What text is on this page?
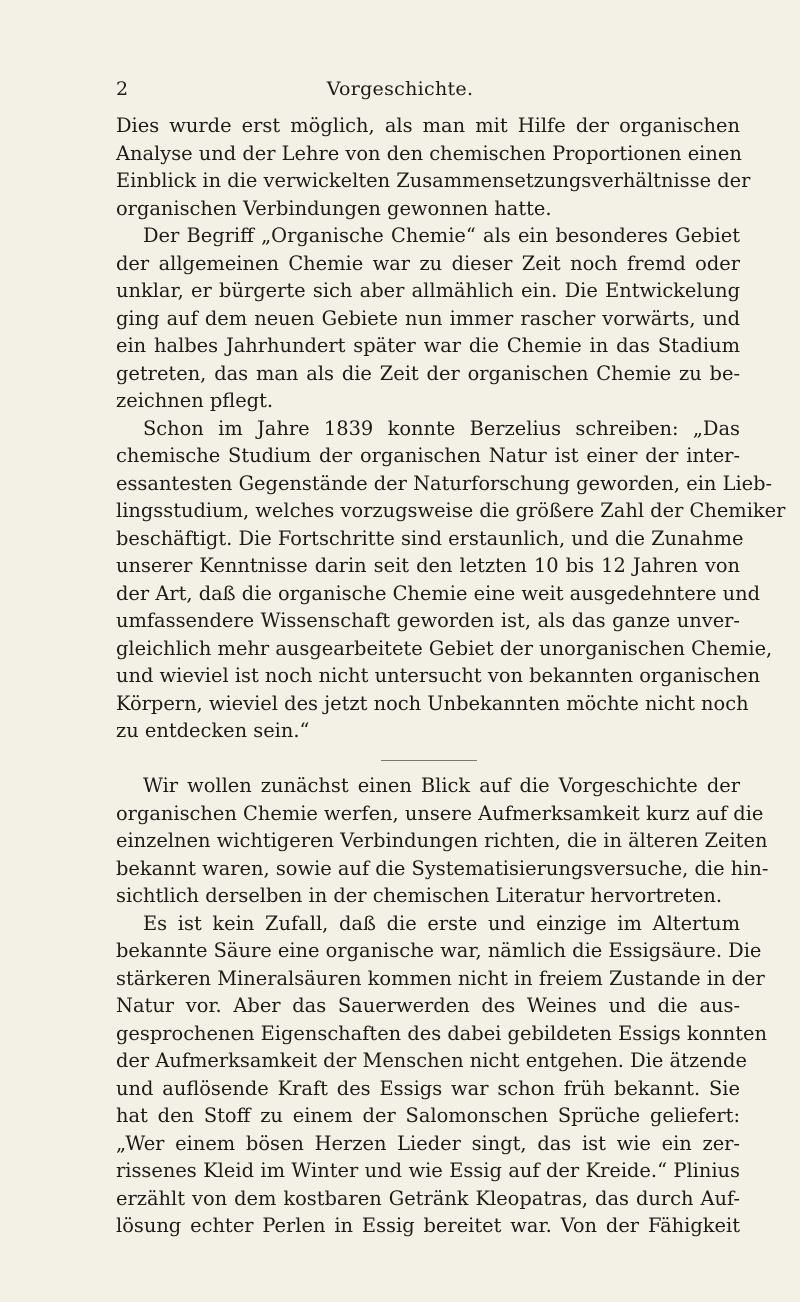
2	Vorgeschichte.
Dies wurde erst möglich, als man mit Hilfe der organischen
Analyse und der Lehre von den chemischen Proportionen einen
Einblick in die verwickelten Zusammensetzungsverhältnisse der
organischen Verbindungen gewonnen hatte.
Der Begriff „Organische Chemie“ als ein besonderes Gebiet
der allgemeinen Chemie war zu dieser Zeit noch fremd oder
unklar, er bürgerte sich aber allmählich ein. Die Entwickelung
ging auf dem neuen Gebiete nun immer rascher vorwärts, und
ein halbes Jahrhundert später war die Chemie in das Stadium
getreten, das man als die Zeit der organischen Chemie zu be-
zeichnen pflegt.
Schon im Jahre 1839 konnte Berzelius schreiben: „Das
chemische Studium der organischen Natur ist einer der inter-
essantesten Gegenstände der Naturforschung geworden, ein Lieb-
lingsstudium, welches vorzugsweise die größere Zahl der Chemiker
beschäftigt. Die Fortschritte sind erstaunlich, und die Zunahme
unserer Kenntnisse darin seit den letzten 10 bis 12 Jahren von
der Art, daß die organische Chemie eine weit ausgedehntere und
umfassendere Wissenschaft geworden ist, als das ganze unver-
gleichlich mehr ausgearbeitete Gebiet der unorganischen Chemie,
und wieviel ist noch nicht untersucht von bekannten organischen
Körpern, wieviel des jetzt noch Unbekannten möchte nicht noch
zu entdecken sein.“
Wir wollen zunächst einen Blick auf die Vorgeschichte der
organischen Chemie werfen, unsere Aufmerksamkeit kurz auf die
einzelnen wichtigeren Verbindungen richten, die in älteren Zeiten
bekannt waren, sowie auf die Systematisierungsversuche, die hin-
sichtlich derselben in der chemischen Literatur hervortreten.
Es ist kein Zufall, daß die erste und einzige im Altertum
bekannte Säure eine organische war, nämlich die Essigsäure. Die
stärkeren Mineralsäuren kommen nicht in freiem Zustande in der
Natur vor. Aber das Sauerwerden des Weines und die aus-
gesprochenen Eigenschaften des dabei gebildeten Essigs konnten
der Aufmerksamkeit der Menschen nicht entgehen. Die ätzende
und auflösende Kraft des Essigs war schon früh bekannt. Sie
hat den Stoff zu einem der Salomonschen Sprüche geliefert:
„Wer einem bösen Herzen Lieder singt, das ist wie ein zer-
rissenes Kleid im Winter und wie Essig auf der Kreide.“ Plinius
erzählt von dem kostbaren Getränk Kleopatras, das durch Auf-
lösung echter Perlen in Essig bereitet war. Von der Fähigkeit
